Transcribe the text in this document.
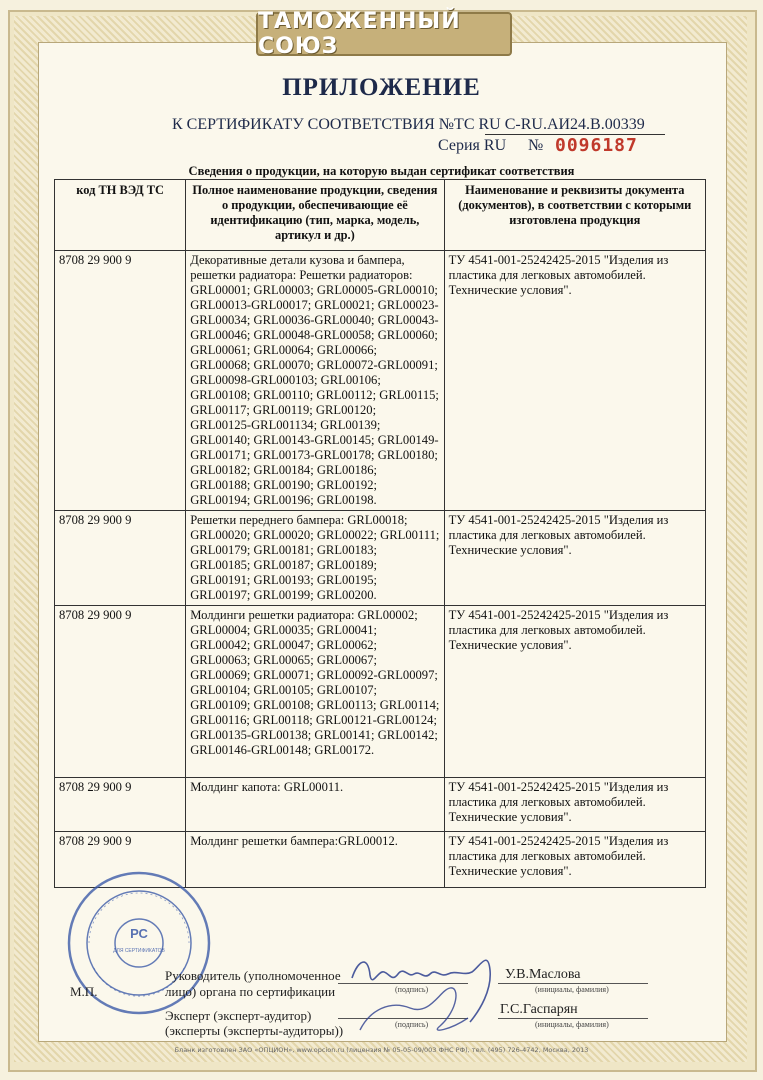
ТАМОЖЕННЫЙ СОЮЗ
ПРИЛОЖЕНИЕ
К СЕРТИФИКАТУ СООТВЕТСТВИЯ №ТС RU C-RU.АИ24.В.00339
Серия RU № 0096187
Сведения о продукции, на которую выдан сертификат соответствия
код ТН ВЭД ТС	Полное наименование продукции, сведения о продукции, обеспечивающие её идентификацию (тип, марка, модель, артикул и др.)	Наименование и реквизиты документа (документов), в соответствии с которыми изготовлена продукция
8708 29 900 9	Декоративные детали кузова и бампера, решетки радиатора: Решетки радиаторов: GRL00001; GRL00003; GRL00005-GRL00010; GRL00013-GRL00017; GRL00021; GRL00023-GRL00034; GRL00036-GRL00040; GRL00043-GRL00046; GRL00048-GRL00058; GRL00060; GRL00061; GRL00064; GRL00066; GRL00068; GRL00070; GRL00072-GRL00091; GRL00098-GRL000103; GRL00106; GRL00108; GRL00110; GRL00112; GRL00115; GRL00117; GRL00119; GRL00120; GRL00125-GRL001134; GRL00139; GRL00140; GRL00143-GRL00145; GRL00149-GRL00171; GRL00173-GRL00178; GRL00180; GRL00182; GRL00184; GRL00186; GRL00188; GRL00190; GRL00192; GRL00194; GRL00196; GRL00198.	ТУ 4541-001-25242425-2015 "Изделия из пластика для легковых автомобилей. Технические условия".
8708 29 900 9	Решетки переднего бампера: GRL00018; GRL00020; GRL00020; GRL00022; GRL00111; GRL00179; GRL00181; GRL00183; GRL00185; GRL00187; GRL00189; GRL00191; GRL00193; GRL00195; GRL00197; GRL00199; GRL00200.	ТУ 4541-001-25242425-2015 "Изделия из пластика для легковых автомобилей. Технические условия".
8708 29 900 9	Молдинги решетки радиатора: GRL00002; GRL00004; GRL00035; GRL00041; GRL00042; GRL00047; GRL00062; GRL00063; GRL00065; GRL00067; GRL00069; GRL00071; GRL00092-GRL00097; GRL00104; GRL00105; GRL00107; GRL00109; GRL00108; GRL00113; GRL00114; GRL00116; GRL00118; GRL00121-GRL00124; GRL00135-GRL00138; GRL00141; GRL00142; GRL00146-GRL00148; GRL00172.	ТУ 4541-001-25242425-2015 "Изделия из пластика для легковых автомобилей. Технические условия".
8708 29 900 9	Молдинг капота: GRL00011.	ТУ 4541-001-25242425-2015 "Изделия из пластика для легковых автомобилей. Технические условия".
8708 29 900 9	Молдинг решетки бампера:GRL00012.	ТУ 4541-001-25242425-2015 "Изделия из пластика для легковых автомобилей. Технические условия".
РС
ДЛЯ СЕРТИФИКАТОВ
М.П.
Руководитель (уполномоченное
лицо) органа по сертификации	(подпись)
У.В.Маслова
(инициалы, фамилия)
Эксперт (эксперт-аудитор)
(эксперты (эксперты-аудиторы))	(подпись)
Г.С.Гаспарян
(инициалы, фамилия)
Бланк изготовлен ЗАО «ОПЦИОН», www.opcion.ru (лицензия № 05-05-09/003 ФНС РФ), тел. (495) 726-4742, Москва, 2013
